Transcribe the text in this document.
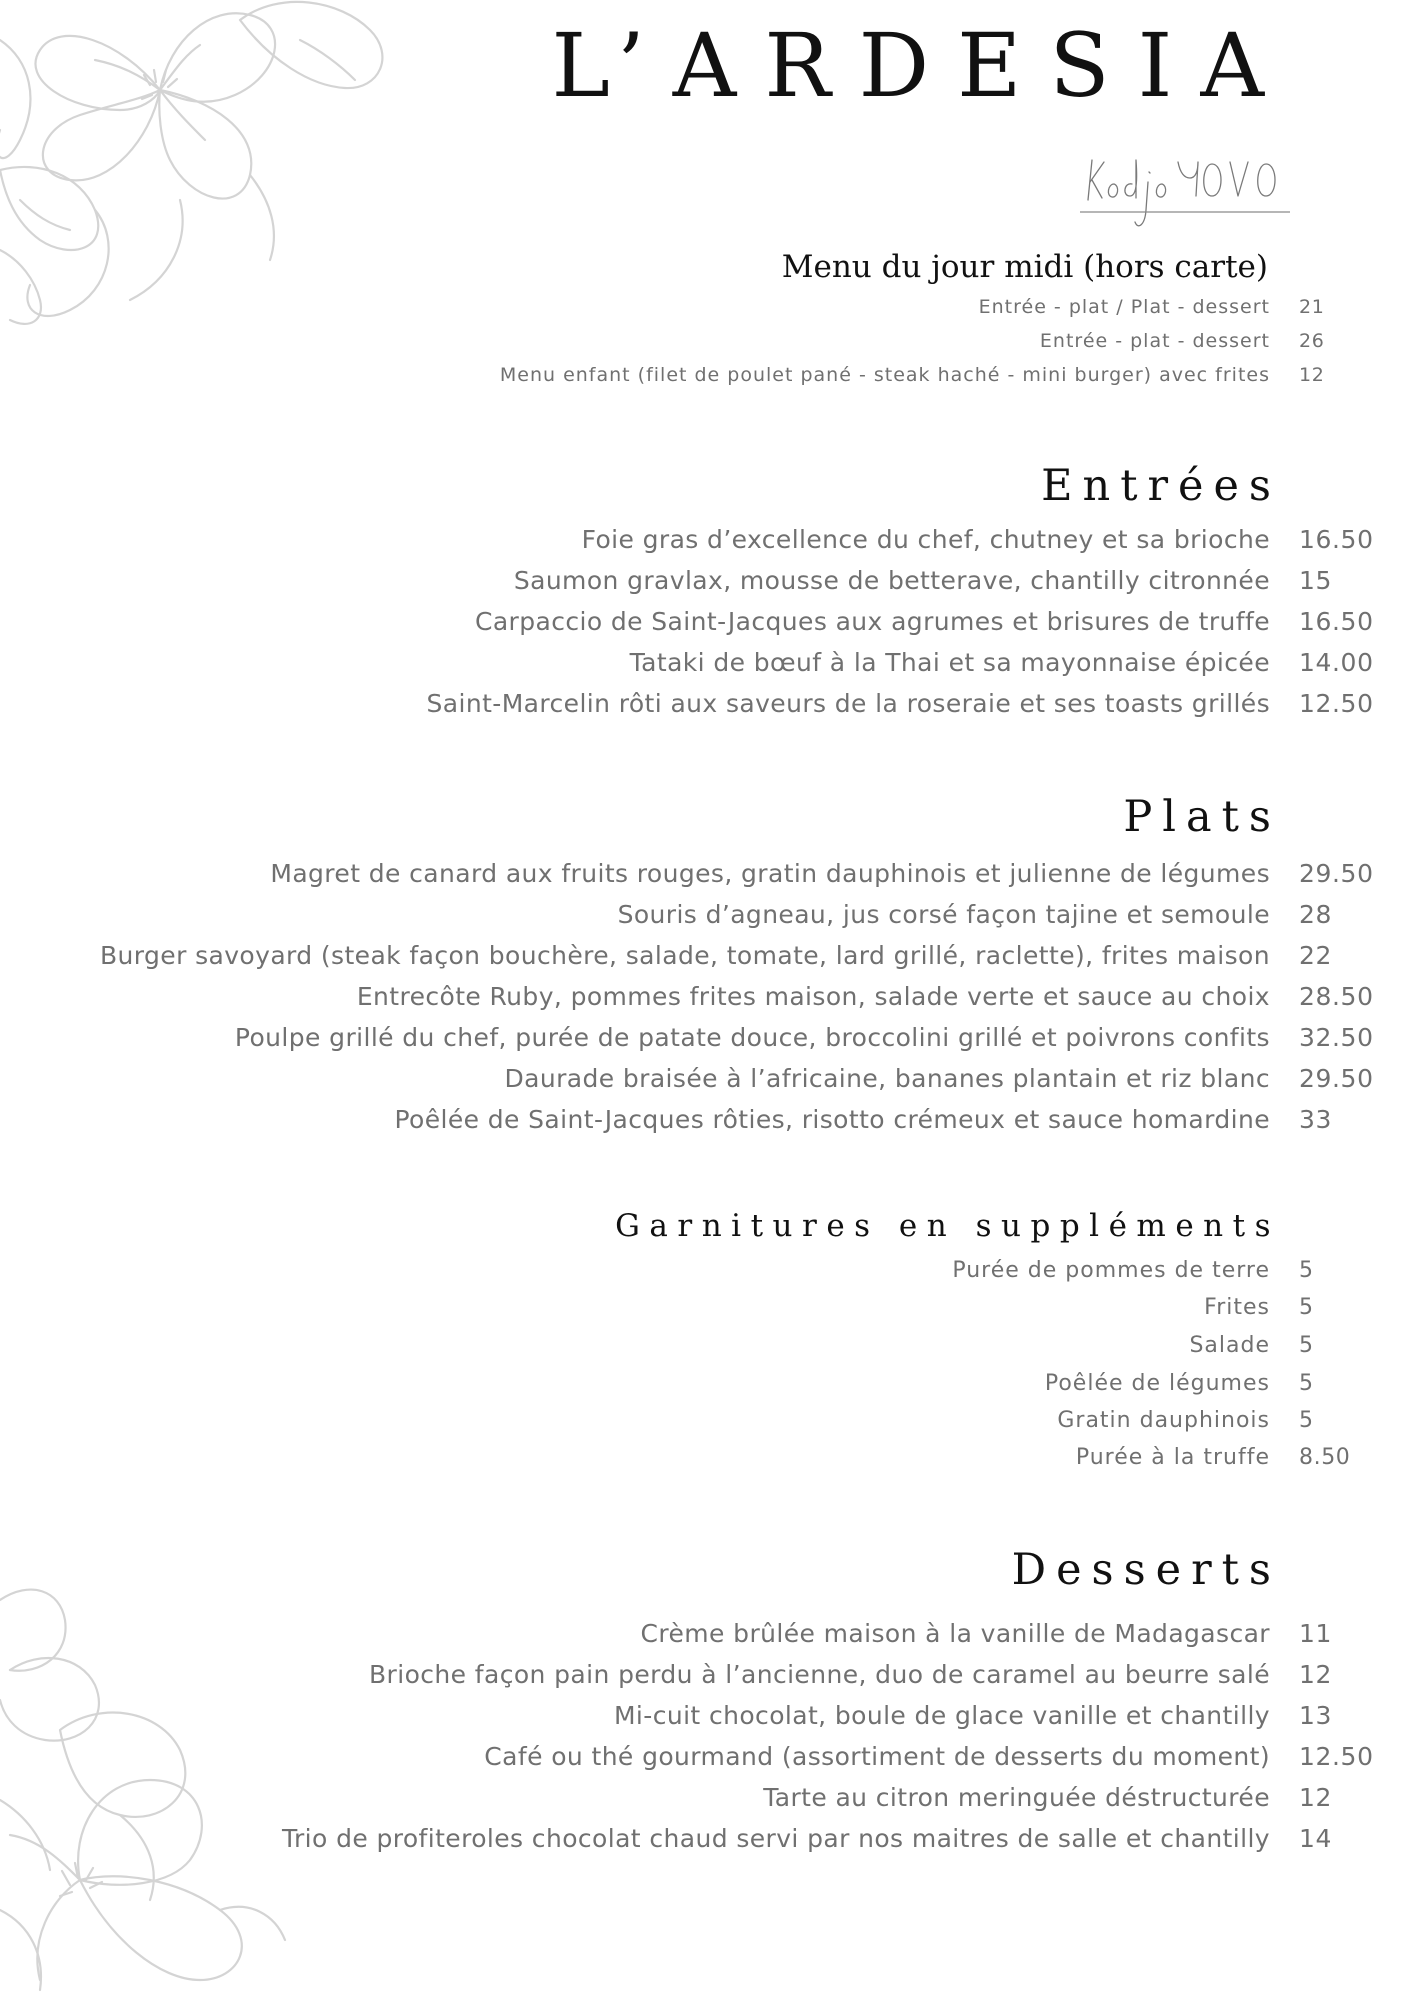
L’ARDESIA
Menu du jour midi (hors carte)
Entrée - plat / Plat - dessert 21
Entrée - plat - dessert 26
Menu enfant (filet de poulet pané - steak haché - mini burger) avec frites 12
Entrées
Foie gras d’excellence du chef, chutney et sa brioche 16.50
Saumon gravlax, mousse de betterave, chantilly citronnée 15
Carpaccio de Saint-Jacques aux agrumes et brisures de truffe 16.50
Tataki de bœuf à la Thai et sa mayonnaise épicée 14.00
Saint-Marcelin rôti aux saveurs de la roseraie et ses toasts grillés 12.50
Plats
Magret de canard aux fruits rouges, gratin dauphinois et julienne de légumes 29.50
Souris d’agneau, jus corsé façon tajine et semoule 28
Burger savoyard (steak façon bouchère, salade, tomate, lard grillé, raclette), frites maison 22
Entrecôte Ruby, pommes frites maison, salade verte et sauce au choix 28.50
Poulpe grillé du chef, purée de patate douce, broccolini grillé et poivrons confits 32.50
Daurade braisée à l’africaine, bananes plantain et riz blanc 29.50
Poêlée de Saint-Jacques rôties, risotto crémeux et sauce homardine 33
Garnitures en suppléments
Purée de pommes de terre 5
Frites 5
Salade 5
Poêlée de légumes 5
Gratin dauphinois 5
Purée à la truffe 8.50
Desserts
Crème brûlée maison à la vanille de Madagascar 11
Brioche façon pain perdu à l’ancienne, duo de caramel au beurre salé 12
Mi-cuit chocolat, boule de glace vanille et chantilly 13
Café ou thé gourmand (assortiment de desserts du moment) 12.50
Tarte au citron meringuée déstructurée 12
Trio de profiteroles chocolat chaud servi par nos maitres de salle et chantilly 14
